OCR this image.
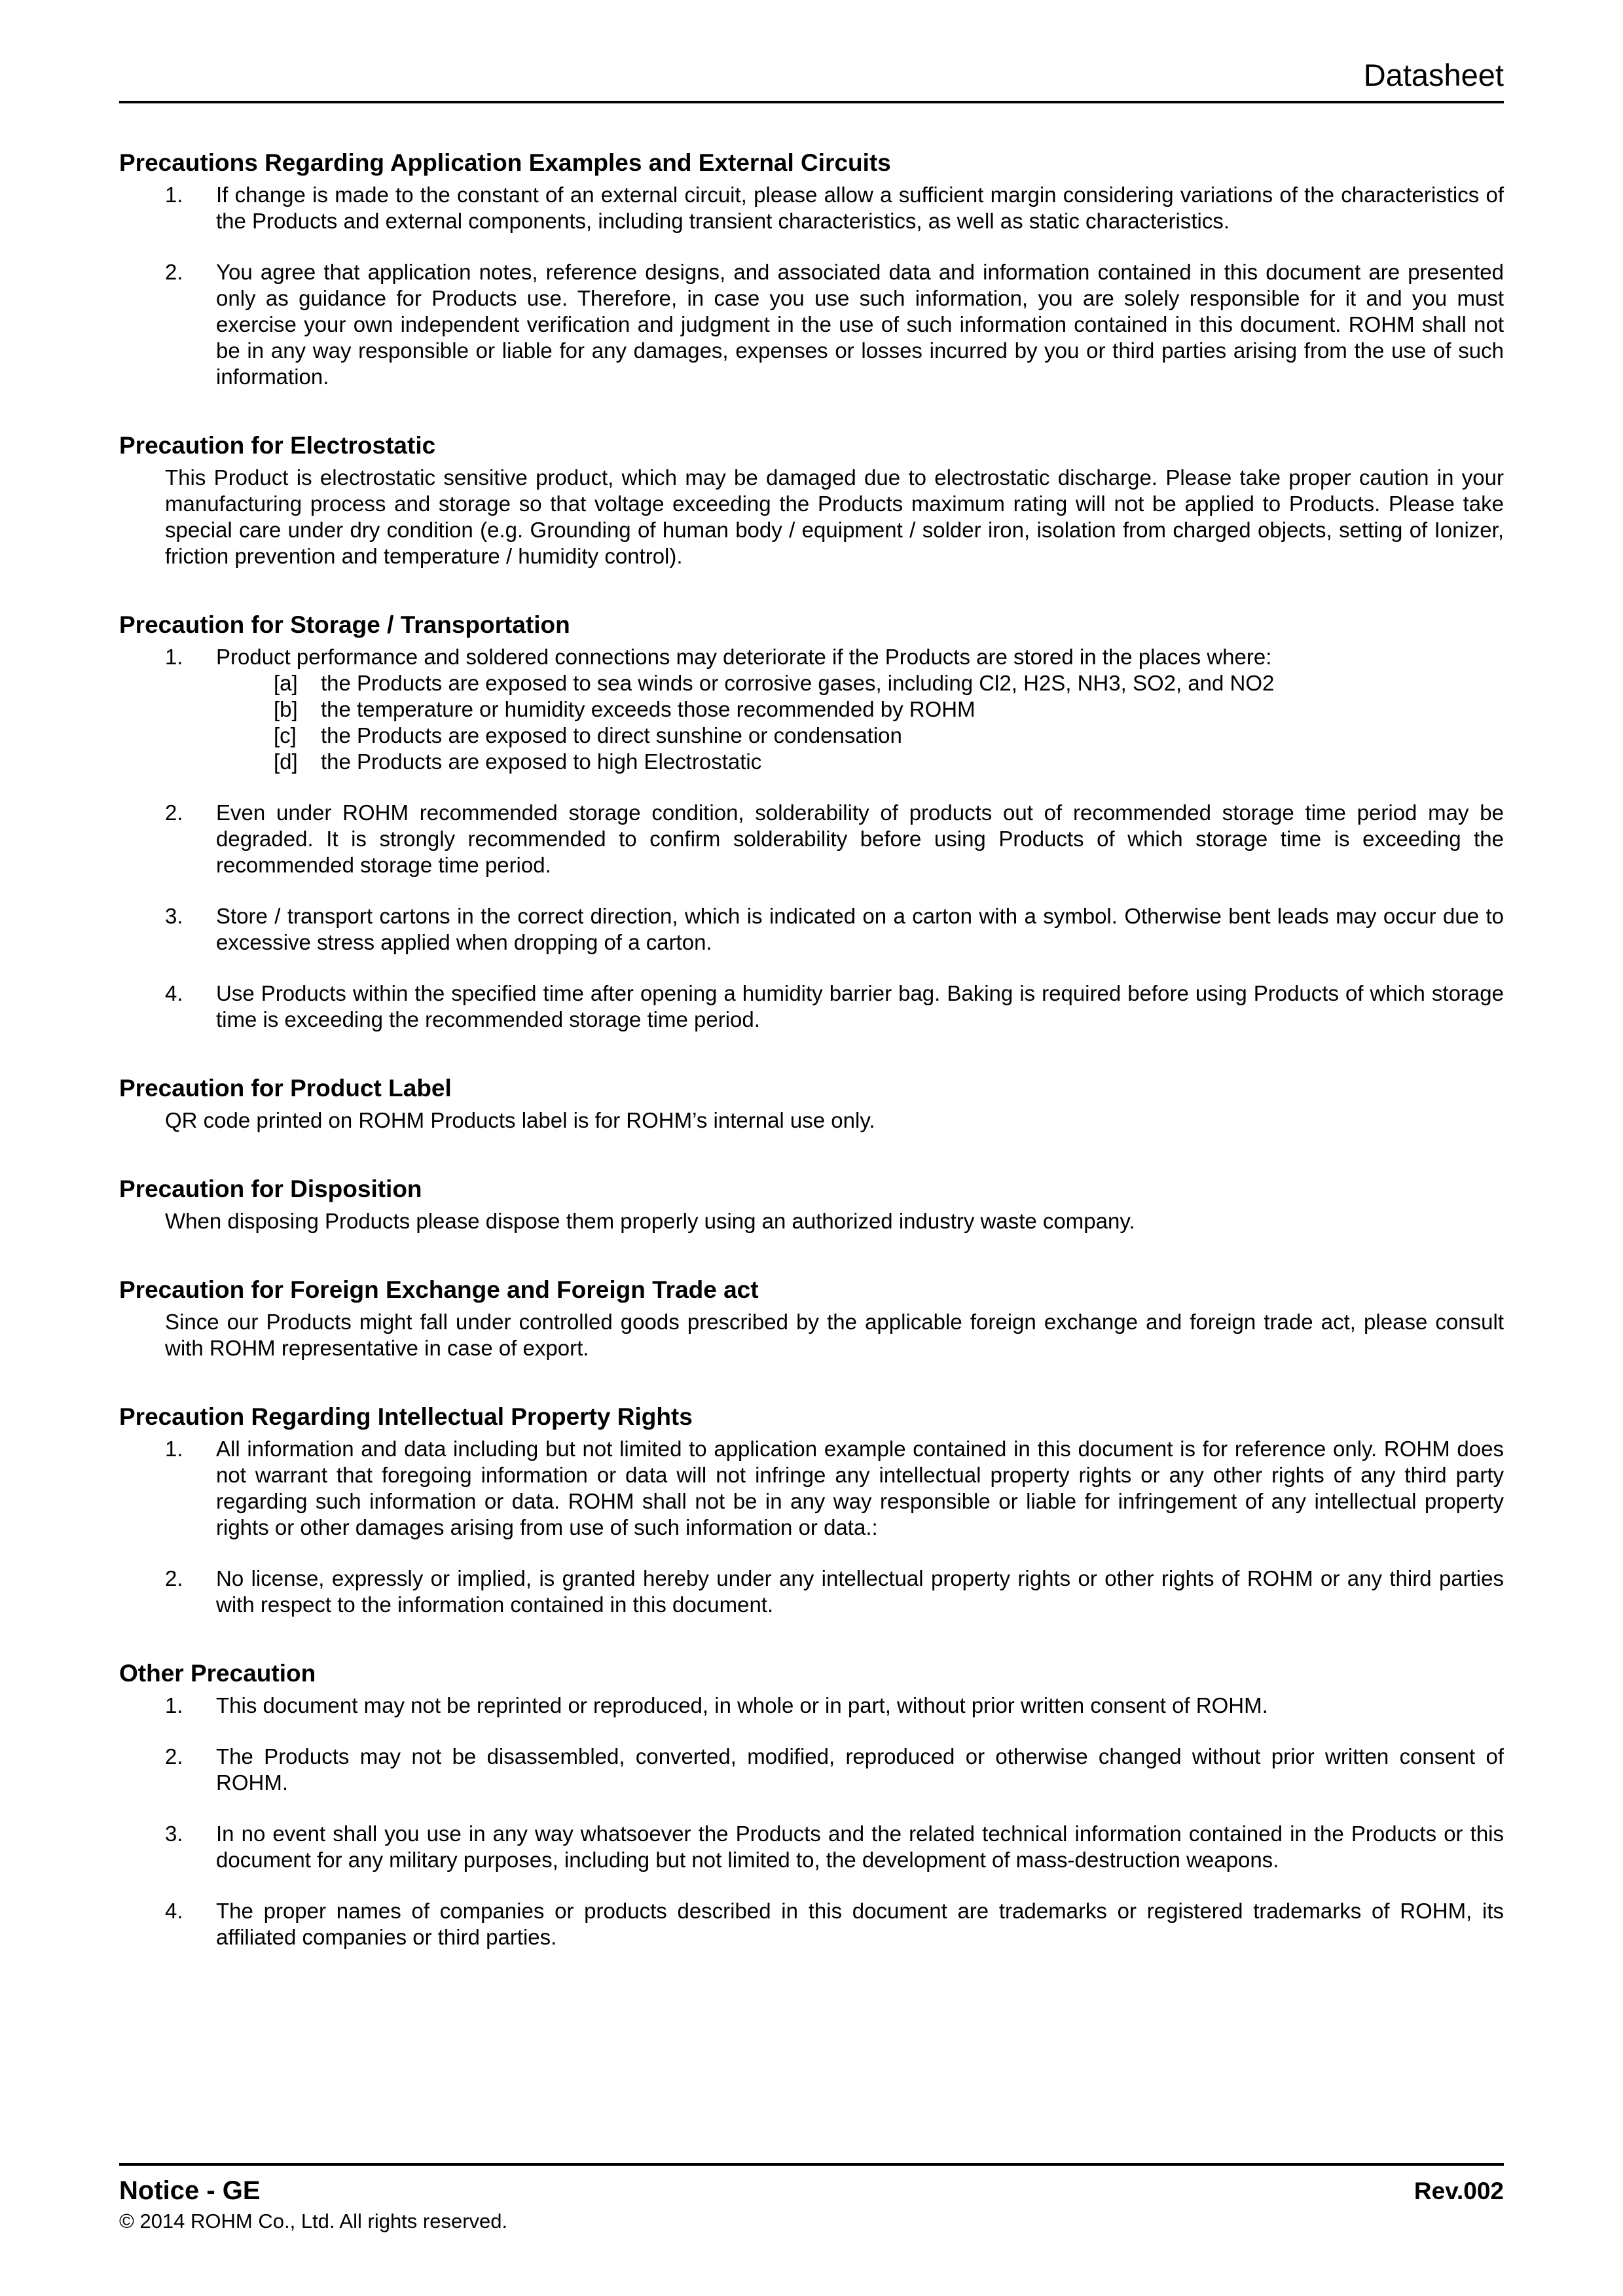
Datasheet
Precautions Regarding Application Examples and External Circuits
1.	If change is made to the constant of an external circuit, please allow a sufficient margin considering variations of the characteristics of the Products and external components, including transient characteristics, as well as static characteristics.

2.	You agree that application notes, reference designs, and associated data and information contained in this document are presented only as guidance for Products use. Therefore, in case you use such information, you are solely responsible for it and you must exercise your own independent verification and judgment in the use of such information contained in this document. ROHM shall not be in any way responsible or liable for any damages, expenses or losses incurred by you or third parties arising from the use of such information.

Precaution for Electrostatic

This Product is electrostatic sensitive product, which may be damaged due to electrostatic discharge. Please take proper caution in your manufacturing process and storage so that voltage exceeding the Products maximum rating will not be applied to Products. Please take special care under dry condition (e.g. Grounding of human body / equipment / solder iron, isolation from charged objects, setting of Ionizer, friction prevention and temperature / humidity control).

Precaution for Storage / Transportation
1.	Product performance and soldered connections may deteriorate if the Products are stored in the places where:

[a]	the Products are exposed to sea winds or corrosive gases, including Cl2, H2S, NH3, SO2, and NO2
[b]	the temperature or humidity exceeds those recommended by ROHM
[c]	the Products are exposed to direct sunshine or condensation
[d]	the Products are exposed to high Electrostatic
2.	Even under ROHM recommended storage condition, solderability of products out of recommended storage time period may be degraded. It is strongly recommended to confirm solderability before using Products of which storage time is exceeding the recommended storage time period.

3.	Store / transport cartons in the correct direction, which is indicated on a carton with a symbol. Otherwise bent leads may occur due to excessive stress applied when dropping of a carton.

4.	Use Products within the specified time after opening a humidity barrier bag. Baking is required before using Products of which storage time is exceeding the recommended storage time period.

Precaution for Product Label

QR code printed on ROHM Products label is for ROHM’s internal use only.

Precaution for Disposition

When disposing Products please dispose them properly using an authorized industry waste company.

Precaution for Foreign Exchange and Foreign Trade act

Since our Products might fall under controlled goods prescribed by the applicable foreign exchange and foreign trade act, please consult with ROHM representative in case of export.

Precaution Regarding Intellectual Property Rights
1.	All information and data including but not limited to application example contained in this document is for reference only. ROHM does not warrant that foregoing information or data will not infringe any intellectual property rights or any other rights of any third party regarding such information or data. ROHM shall not be in any way responsible or liable for infringement of any intellectual property rights or other damages arising from use of such information or data.:

2.	No license, expressly or implied, is granted hereby under any intellectual property rights or other rights of ROHM or any third parties with respect to the information contained in this document.

Other Precaution
1.	This document may not be reprinted or reproduced, in whole or in part, without prior written consent of ROHM.

2.	The Products may not be disassembled, converted, modified, reproduced or otherwise changed without prior written consent of ROHM.

3.	In no event shall you use in any way whatsoever the Products and the related technical information contained in the Products or this document for any military purposes, including but not limited to, the development of mass-destruction weapons.

4.	The proper names of companies or products described in this document are trademarks or registered trademarks of ROHM, its affiliated companies or third parties.

Notice - GE	Rev.002
© 2014 ROHM Co., Ltd. All rights reserved.
